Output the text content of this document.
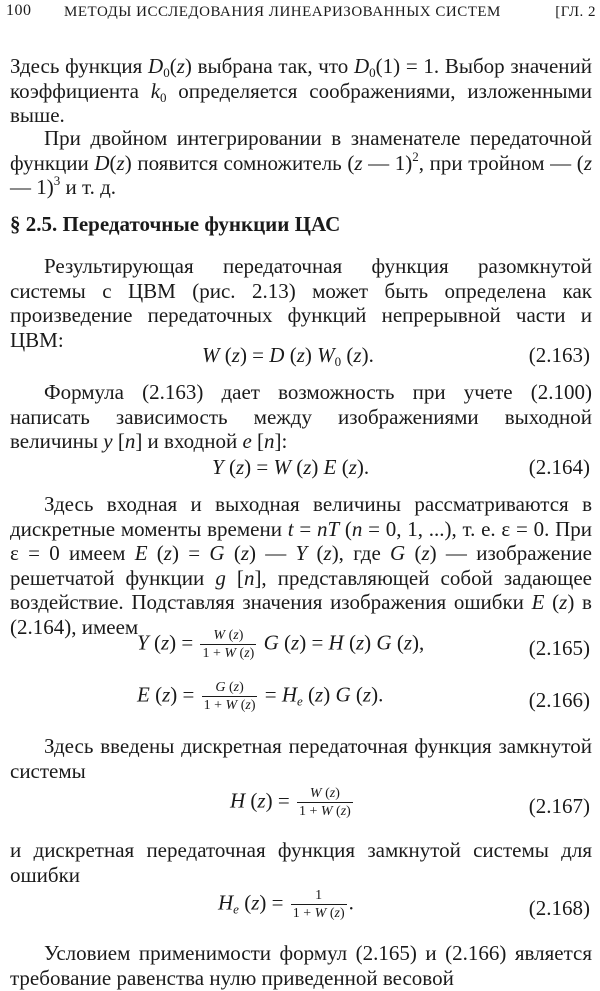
100 МЕТОДЫ ИССЛЕДОВАНИЯ ЛИНЕАРИЗОВАННЫХ СИСТЕМ	[ГЛ. 2

Здесь функция $D_0(z)$ выбрана так, что $D_0(1) = 1$. Выбор значений коэффициента $k_0$ определяется соображениями, изложенными выше.

При двойном интегрировании в знаменателе передаточной функции D(z) появится сомножитель (z — 1)$^2$, при тройном — (z — 1)$^3$ и т. д.

§ 2.5. Передаточные функции ЦАС

Результирующая передаточная функция разомкнутой системы с ЦВМ (рис. 2.13) может быть определена как произведение передаточных функций непрерывной части и ЦВМ:

W (z) = D (z) $W_0$ (z).	(2.163)

Формула (2.163) дает возможность при учете (2.100) написать зависимость между изображениями выходной величины y [n] и входной e [n]:

Y (z) = W (z) E (z).	(2.164)

Здесь входная и выходная величины рассматриваются в дискретные моменты времени t = nT (n = 0, 1, ...), т. е. ε = 0. При ε = 0 имеем E (z) = G (z) — Y (z), где G (z) — изображение решетчатой функции g [n], представляющей собой задающее воздействие. Подставляя значения изображения ошибки E (z) в (2.164), имеем

Y $(z) = \frac{W (z)}{1 + W (z)}$ G (z) = H (z) G (z),	(2.165)
E $(z) = \frac{G (z)}{1 + W (z)} = H_e$ (z) G (z).	(2.166)

Здесь введены дискретная передаточная функция замкнутой системы

H $(z) = \frac{W (z)}{1 + W (z)}$	(2.167)

и дискретная передаточная функция замкнутой системы для ошибки

$H_e$ $(z) = \frac{1}{1 + W (z)}$ .	(2.168)

Условием применимости формул (2.165) и (2.166) является требование равенства нулю приведенной весовой
